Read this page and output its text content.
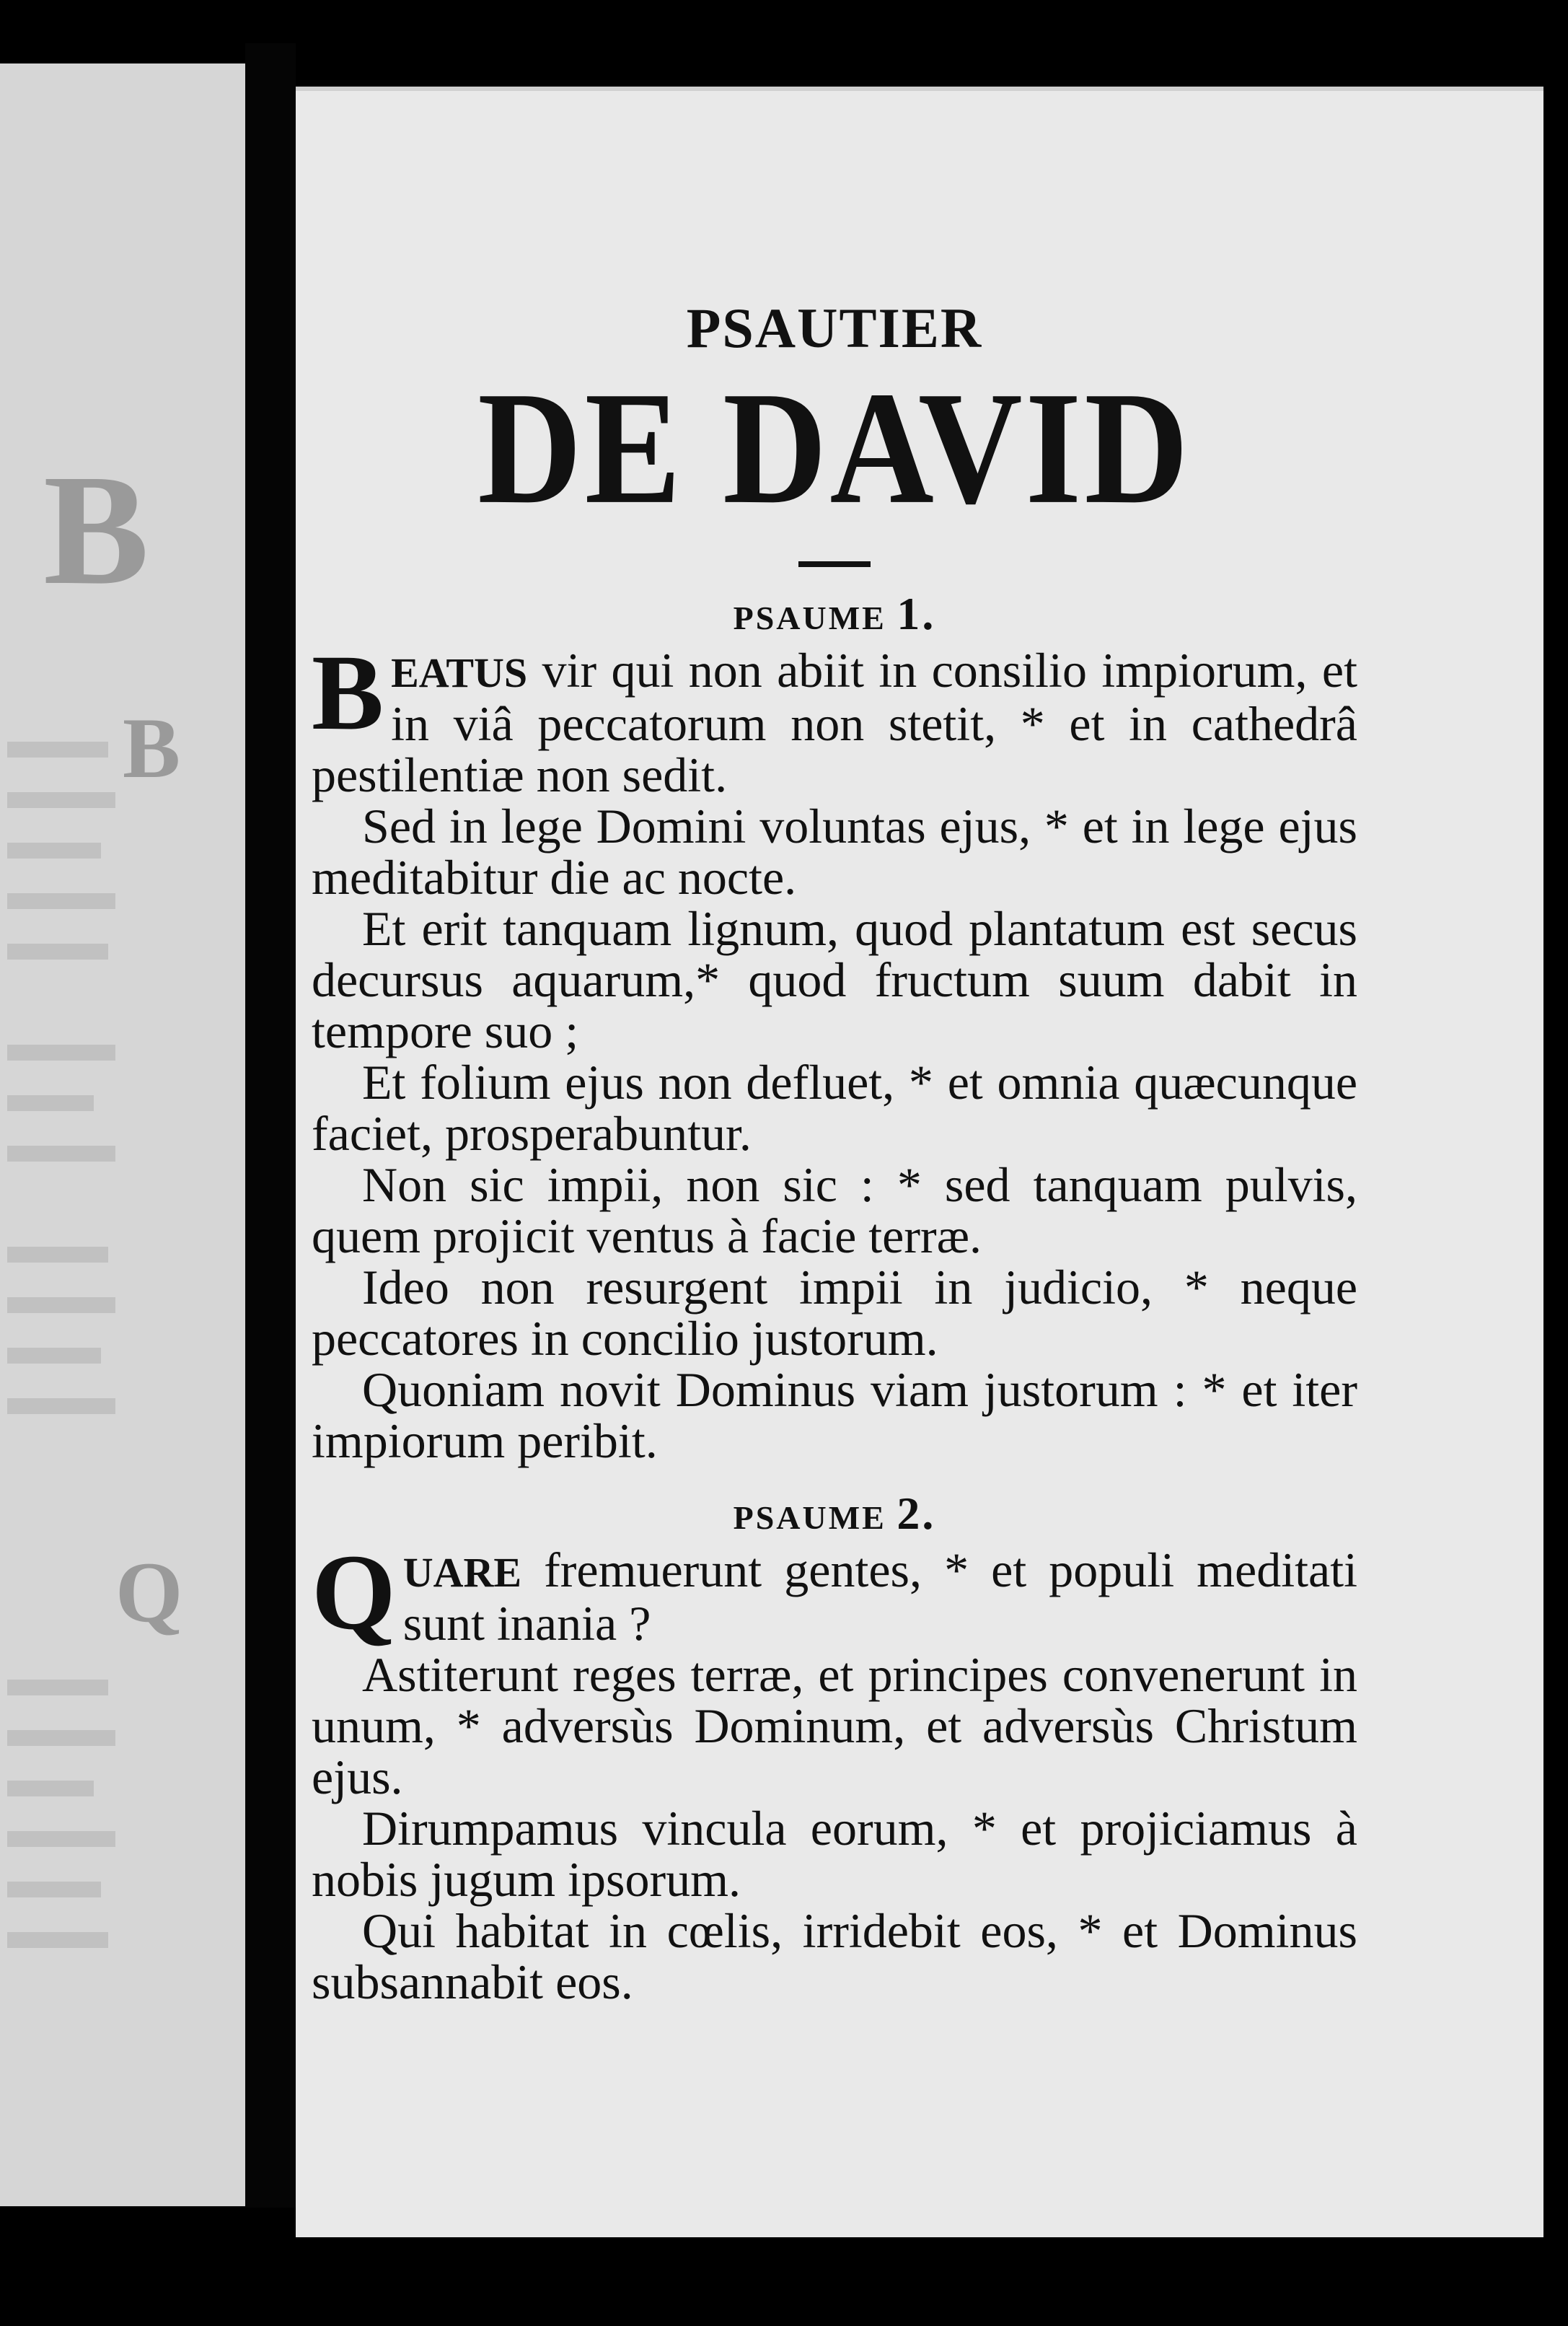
B
B
Q
PSAUTIER
DE DAVID
PSAUME 1.

BEATUS vir qui non abiit in consilio impiorum, et in viâ peccatorum non stetit, * et in cathedrâ pestilentiæ non sedit.

Sed in lege Domini voluntas ejus, * et in lege ejus meditabitur die ac nocte.

Et erit tanquam lignum, quod plantatum est secus decursus aquarum,* quod fructum suum dabit in tempore suo ;

Et folium ejus non defluet, * et omnia quæcunque faciet, prosperabuntur.

Non sic impii, non sic : * sed tanquam pulvis, quem projicit ventus à facie terræ.

Ideo non resurgent impii in judicio, * neque peccatores in concilio justorum.

Quoniam novit Dominus viam justorum : * et iter impiorum peribit.

PSAUME 2.

QUARE fremuerunt gentes, * et populi meditati sunt inania ?

Astiterunt reges terræ, et principes convenerunt in unum, * adversùs Dominum, et adversùs Christum ejus.

Dirumpamus vincula eorum, * et projiciamus à nobis jugum ipsorum.

Qui habitat in cœlis, irridebit eos, * et Dominus subsannabit eos.
